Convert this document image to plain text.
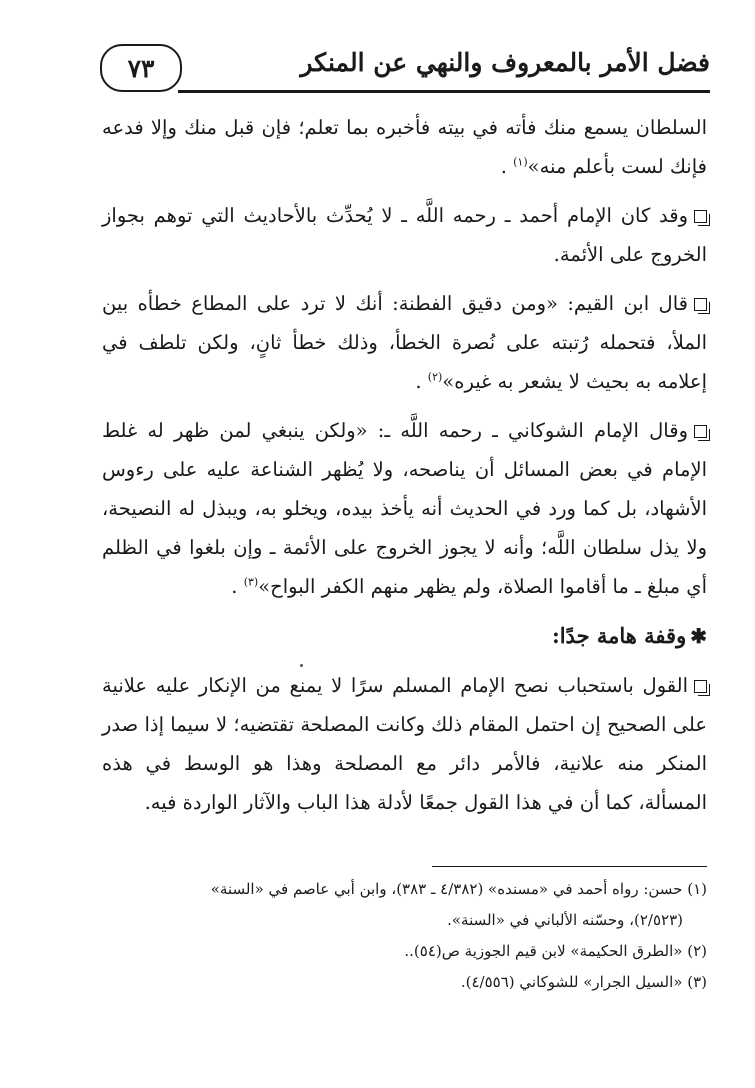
٧٣	فضل الأمر بالمعروف والنهي عن المنكر

السلطان يسمع منك فأته في بيته فأخبره بما تعلم؛ فإن قبل منك وإلا فدعه فإنك لست بأعلم منه»$^{(١)}$ .

وقد كان الإمام أحمد ـ رحمه اللَّه ـ لا يُحدِّث بالأحاديث التي توهم بجواز الخروج على الأئمة.

قال ابن القيم: «ومن دقيق الفطنة: أنك لا ترد على المطاع خطأه بين الملأ، فتحمله رُتبته على نُصرة الخطأ، وذلك خطأ ثانٍ، ولكن تلطف في إعلامه به بحيث لا يشعر به غيره»$^{(٢)}$ .

وقال الإمام الشوكاني ـ رحمه اللَّه ـ: «ولكن ينبغي لمن ظهر له غلط الإمام في بعض المسائل أن يناصحه، ولا يُظهر الشناعة عليه على رءوس الأشهاد، بل كما ورد في الحديث أنه يأخذ بيده، ويخلو به، ويبذل له النصيحة، ولا يذل سلطان اللَّه؛ وأنه لا يجوز الخروج على الأئمة ـ وإن بلغوا في الظلم أي مبلغ ـ ما أقاموا الصلاة، ولم يظهر منهم الكفر البواح»$^{(٣)}$ .

✱وقفة هامة جدًا:

القول باستحباب نصح الإمام المسلم سرًا لا يمنع من الإنكار عليه علانية على الصحيح إن احتمل المقام ذلك وكانت المصلحة تقتضيه؛ لا سيما إذا صدر المنكر منه علانية، فالأمر دائر مع المصلحة وهذا هو الوسط في هذه المسألة، كما أن في هذا القول جمعًا لأدلة هذا الباب والآثار الواردة فيه.

(١) حسن: رواه أحمد في «مسنده» (٤/٣٨٢ ـ ٣٨٣)، وابن أبي عاصم في «السنة»

(٢/٥٢٣)، وحسّنه الألباني في «السنة».

(٢) «الطرق الحكيمة» لابن قيم الجوزية ص(٥٤)..

(٣) «السيل الجرار» للشوكاني (٤/٥٥٦).
